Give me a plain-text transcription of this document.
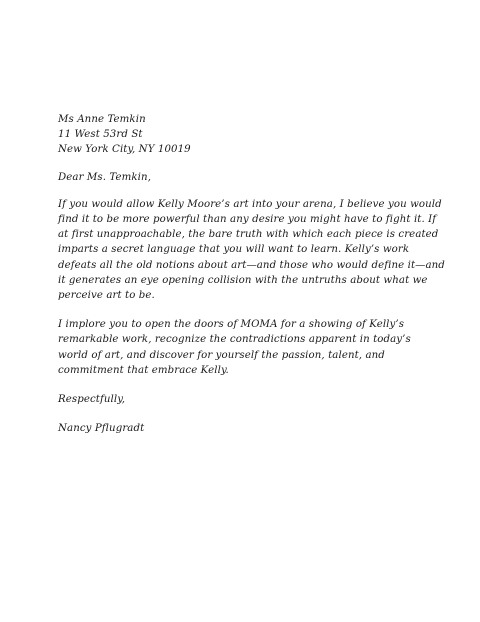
Ms Anne Temkin
11 West 53rd St
New York City, NY 10019
Dear Ms. Temkin,
If you would allow Kelly Moore’s art into your arena, I believe you would
find it to be more powerful than any desire you might have to fight it. If
at first unapproachable, the bare truth with which each piece is created
imparts a secret language that you will want to learn. Kelly’s work
defeats all the old notions about art—and those who would define it—and
it generates an eye opening collision with the untruths about what we
perceive art to be.
I implore you to open the doors of MOMA for a showing of Kelly’s
remarkable work, recognize the contradictions apparent in today’s
world of art, and discover for yourself the passion, talent, and
commitment that embrace Kelly.
Respectfully,
Nancy Pflugradt
